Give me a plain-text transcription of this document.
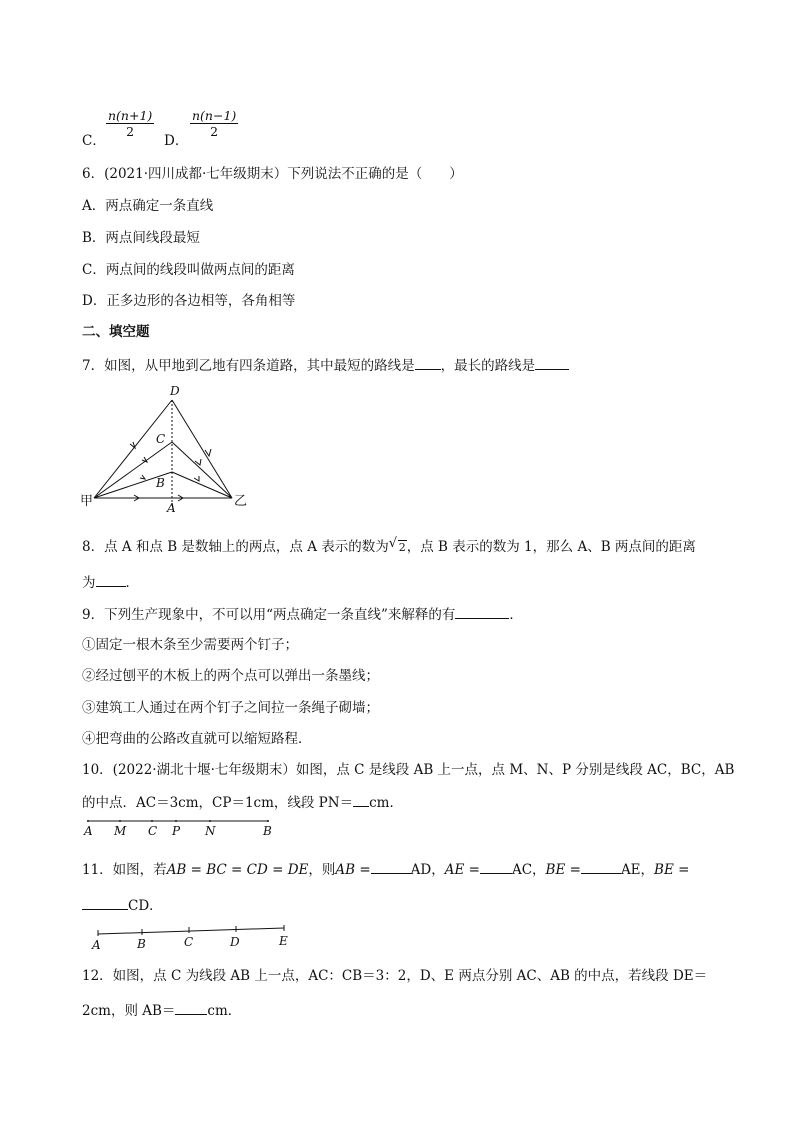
C．
$\frac{n(n+1)}{2}$
D．
$\frac{n(n-1)}{2}$
6．(2021·四川成都·七年级期末）下列说法不正确的是（　　）
A．两点确定一条直线
B．两点间线段最短
C．两点间的线段叫做两点间的距离
D．正多边形的各边相等，各角相等
二、填空题
7．如图，从甲地到乙地有四条道路，其中最短的路线是 ，最长的路线是
D
C
B
A
甲	乙
8．点 A 和点 B 是数轴上的两点，点 A 表示的数为√ 2，点 B 表示的数为 1，那么 A、B 两点间的距离
为 ．
9．下列生产现象中，不可以用“两点确定一条直线”来解释的有	．
①固定一根木条至少需要两个钉子；
②经过刨平的木板上的两个点可以弹出一条墨线；
③建筑工人通过在两个钉子之间拉一条绳子砌墙；
④把弯曲的公路改直就可以缩短路程．
10．(2022·湖北十堰·七年级期末）如图，点 C 是线段 AB 上一点，点 M、N、P 分别是线段 AC，BC，AB
的中点．AC＝3cm，CP＝1cm，线段 PN＝ cm．
A M C P N	B
11．如图，若AB = BC = CD = DE，则AB =	AD，AE = AC，BE =	AE，BE =
CD．
A	B	C	D	E
12．如图，点 C 为线段 AB 上一点，AC：CB＝3：2，D、E 两点分别 AC、AB 的中点，若线段 DE＝
2cm，则 AB＝ cm．
